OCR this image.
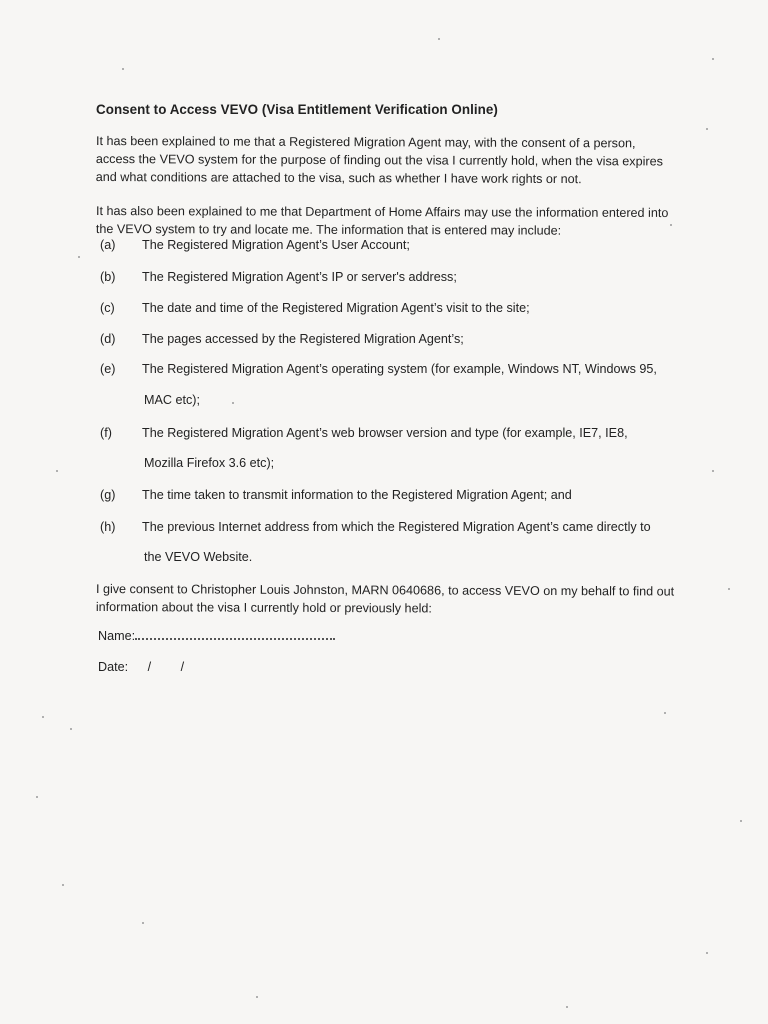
Consent to Access VEVO (Visa Entitlement Verification Online)

It has been explained to me that a Registered Migration Agent may, with the consent of a person, access the VEVO system for the purpose of finding out the visa I currently hold, when the visa expires and what conditions are attached to the visa, such as whether I have work rights or not.

It has also been explained to me that Department of Home Affairs may use the information entered into the VEVO system to try and locate me. The information that is entered may include:

(a)	The Registered Migration Agent’s User Account;
(b)	The Registered Migration Agent’s IP or server's address;
(c)	The date and time of the Registered Migration Agent’s visit to the site;
(d)	The pages accessed by the Registered Migration Agent’s;
(e)	The Registered Migration Agent’s operating system (for example, Windows NT, Windows 95,
MAC etc);
(f)	The Registered Migration Agent’s web browser version and type (for example, IE7, IE8,
Mozilla Firefox 3.6 etc);
(g)	The time taken to transmit information to the Registered Migration Agent; and
(h)	The previous Internet address from which the Registered Migration Agent’s came directly to
the VEVO Website.

I give consent to Christopher Louis Johnston, MARN 0640686, to access VEVO on my behalf to find out information about the visa I currently hold or previously held:

Name:
Date: / /
